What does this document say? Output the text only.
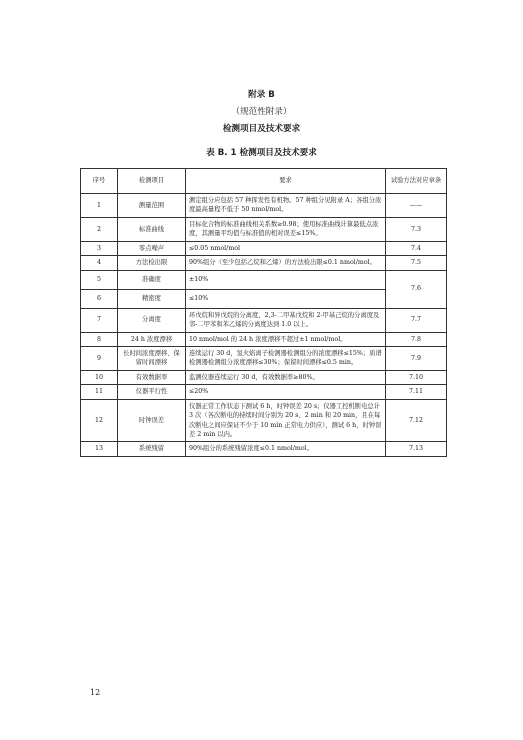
附录 B
（规范性附录）
检测项目及技术要求
表 B. 1 检测项目及技术要求
序号	检测项目	要求	试验方法对应章条
1	测量范围	测定组分应包括 57 种挥发性有机物。57 种组分见附录 A；各组分浓度最高量程不低于 50 nmol/mol。	——
2	标准曲线	目标化合物的标准曲线相关系数≥0.98；使用标准曲线计算最低点浓度，其测量平均值与标准值的相对误差≤15%。	7.3
3	零点噪声	≤0.05 nmol/mol	7.4
4	方法检出限	90%组分（至少包括乙烷和乙烯）的方法检出限≤0.1 nmol/mol。	7.5
5	准确度	±10%	7.6
6	精密度	≤10%	
7	分离度	环戊烷和异戊烷的分离度，2,3-二甲基戊烷和 2-甲基己烷的分离度及邻-二甲苯和苯乙烯的分离度达到 1.0 以上。	7.7
8	24 h 浓度漂移	10 nmol/mol 的 24 h 浓度漂移不超过±1 nmol/mol。	7.8
9	长时间浓度漂移、保留时间漂移	连续运行 30 d，氢火焰离子检测器检测组分的浓度漂移≤15%；质谱检测器检测组分浓度漂移≤30%；保留时间漂移≤0.5 min。	7.9
10	有效数据率	监测仪器连续运行 30 d，有效数据率≥80%。	7.10
11	仪器平行性	≤20%	7.11
12	时钟误差	仪器正常工作状态下测试 6 h，时钟误差 20 s；仪器工控机断电总计 3 次（各次断电的持续时间分别为 20 s、2 min 和 20 min，且在每次断电之间应保证不少于 10 min 正常电力供应），测试 6 h，时钟误差 2 min 以内。	7.12
13	系统残留	90%组分的系统残留浓度≤0.1 nmol/mol。	7.13
12
